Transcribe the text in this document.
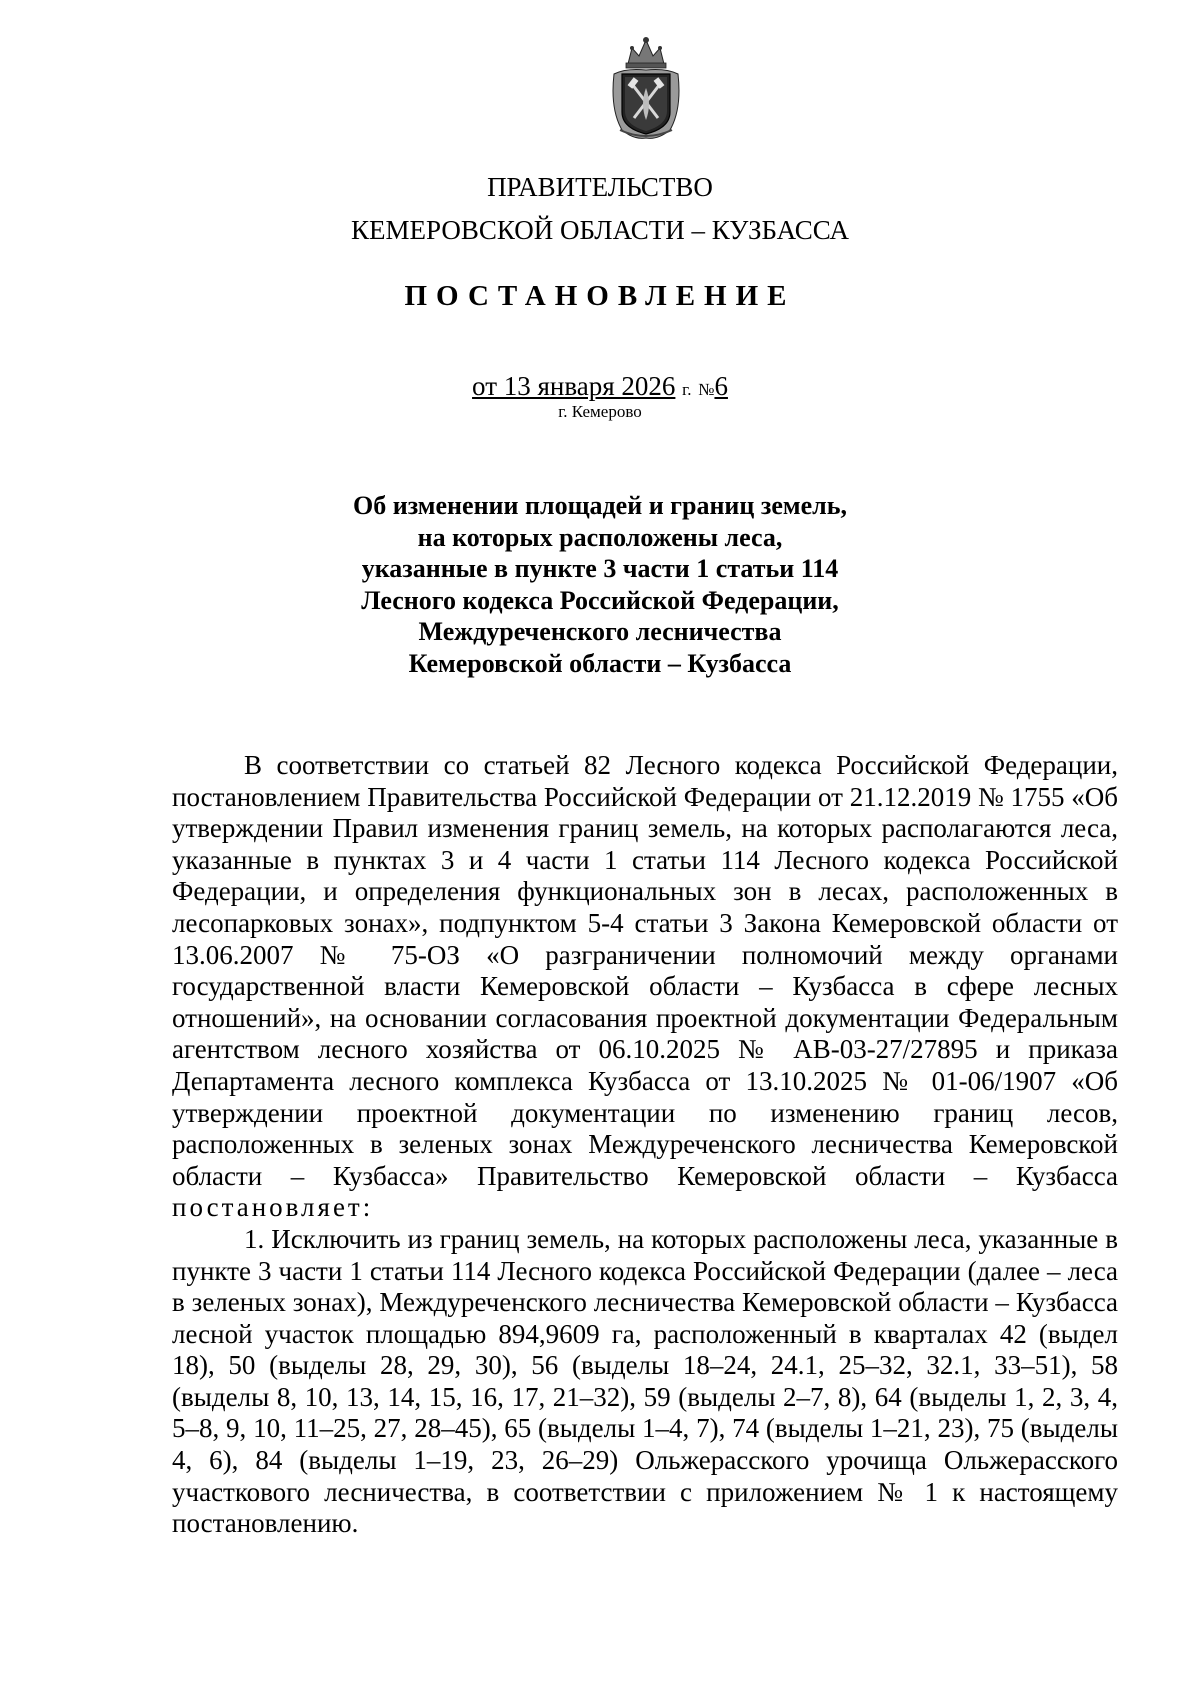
ПРАВИТЕЛЬСТВО
КЕМЕРОВСКОЙ ОБЛАСТИ – КУЗБАССА
ПОСТАНОВЛЕНИЕ
от 13 января 2026 г. №6
г. Кемерово
Об изменении площадей и границ земель,
на которых расположены леса,
указанные в пункте 3 части 1 статьи 114
Лесного кодекса Российской Федерации,
Междуреченского лесничества
Кемеровской области – Кузбасса

В соответствии со статьей 82 Лесного кодекса Российской Федерации, постановлением Правительства Российской Федерации от 21.12.2019 № 1755 «Об утверждении Правил изменения границ земель, на которых располагаются леса, указанные в пунктах 3 и 4 части 1 статьи 114 Лесного кодекса Российской Федерации, и определения функциональных зон в лесах, расположенных в лесопарковых зонах», подпунктом 5-4 статьи 3 Закона Кемеровской области от 13.06.2007 № 75-ОЗ «О разграничении полномочий между органами государственной власти Кемеровской области – Кузбасса в сфере лесных отношений», на основании согласования проектной документации Федеральным агентством лесного хозяйства от 06.10.2025 № АВ-03-27/27895 и приказа Департамента лесного комплекса Кузбасса от 13.10.2025 № 01-06/1907 «Об утверждении проектной документации по изменению границ лесов, расположенных в зеленых зонах Междуреченского лесничества Кемеровской области – Кузбасса» Правительство Кемеровской области – Кузбасса постановляет:

1. Исключить из границ земель, на которых расположены леса, указанные в пункте 3 части 1 статьи 114 Лесного кодекса Российской Федерации (далее – леса в зеленых зонах), Междуреченского лесничества Кемеровской области – Кузбасса лесной участок площадью 894,9609 га, расположенный в кварталах 42 (выдел 18), 50 (выделы 28, 29, 30), 56 (выделы 18–24, 24.1, 25–32, 32.1, 33–51), 58 (выделы 8, 10, 13, 14, 15, 16, 17, 21–32), 59 (выделы 2–7, 8), 64 (выделы 1, 2, 3, 4, 5–8, 9, 10, 11–25, 27, 28–45), 65 (выделы 1–4, 7), 74 (выделы 1–21, 23), 75 (выделы 4, 6), 84 (выделы 1–19, 23, 26–29) Ольжерасского урочища Ольжерасского участкового лесничества, в соответствии с приложением № 1 к настоящему постановлению.
